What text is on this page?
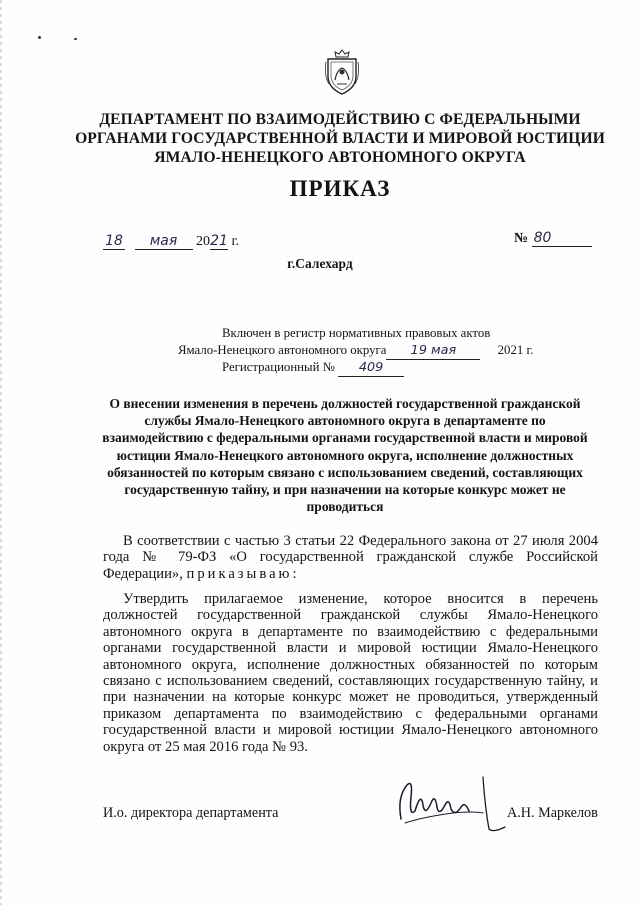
ДЕПАРТАМЕНТ ПО ВЗАИМОДЕЙСТВИЮ С ФЕДЕРАЛЬНЫМИ
ОРГАНАМИ ГОСУДАРСТВЕННОЙ ВЛАСТИ И МИРОВОЙ ЮСТИЦИИ
ЯМАЛО-НЕНЕЦКОГО АВТОНОМНОГО ОКРУГА
ПРИКАЗ
18 мая 2021 г.	№ 80
г.Салехард
Включен в регистр нормативных правовых актов
Ямало-Ненецкого автономного округа 19 мая	2021 г.
Регистрационный № 409
О внесении изменения в перечень должностей государственной гражданской
службы Ямало-Ненецкого автономного округа в департаменте по
взаимодействию с федеральными органами государственной власти и мировой
юстиции Ямало-Ненецкого автономного округа, исполнение должностных
обязанностей по которым связано с использованием сведений, составляющих
государственную тайну, и при назначении на которые конкурс может не
проводиться
В соответствии с частью 3 статьи 22 Федерального закона от 27 июля 2004
года № 79-ФЗ «О государственной гражданской службе Российской
Федерации», приказываю:
Утвердить прилагаемое изменение, которое вносится в перечень
должностей государственной гражданской службы Ямало-Ненецкого
автономного округа в департаменте по взаимодействию с федеральными
органами государственной власти и мировой юстиции Ямало-Ненецкого
автономного округа, исполнение должностных обязанностей по которым
связано с использованием сведений, составляющих государственную тайну, и
при назначении на которые конкурс может не проводиться, утвержденный
приказом департамента по взаимодействию с федеральными органами
государственной власти и мировой юстиции Ямало-Ненецкого автономного
округа от 25 мая 2016 года № 93.
И.о. директора департамента	А.Н. Маркелов
